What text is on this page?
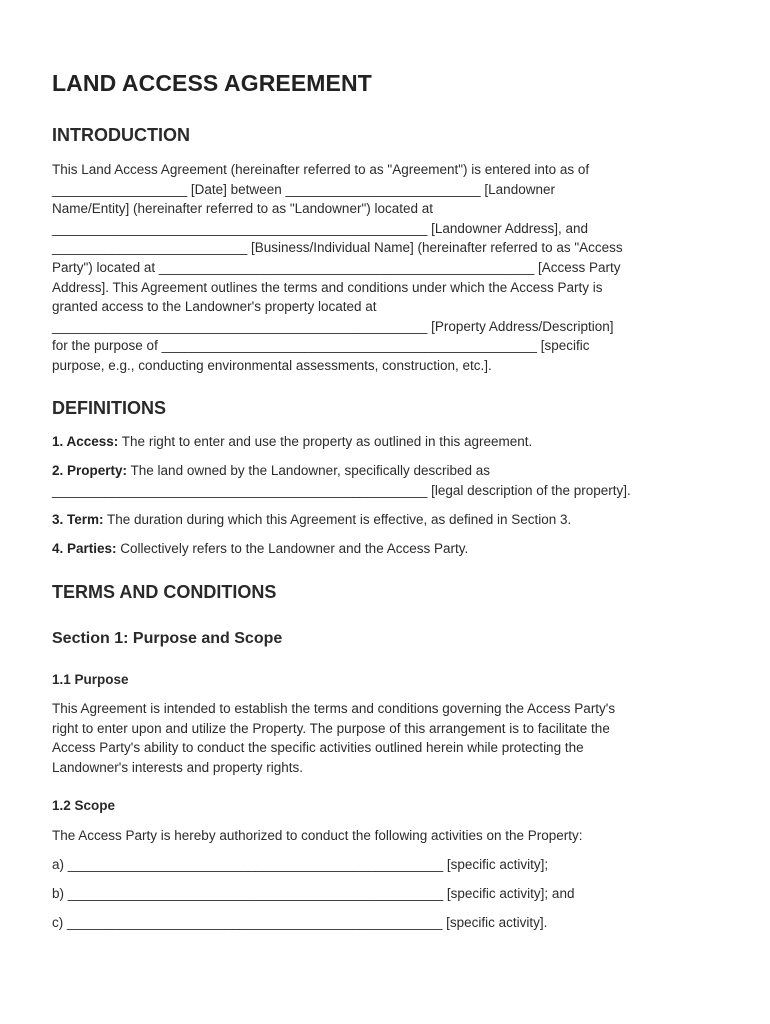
LAND ACCESS AGREEMENT
INTRODUCTION
This Land Access Agreement (hereinafter referred to as "Agreement") is entered into as of
__________________ [Date] between __________________________ [Landowner
Name/Entity] (hereinafter referred to as "Landowner") located at
__________________________________________________ [Landowner Address], and
__________________________ [Business/Individual Name] (hereinafter referred to as "Access
Party") located at __________________________________________________ [Access Party
Address]. This Agreement outlines the terms and conditions under which the Access Party is
granted access to the Landowner's property located at
__________________________________________________ [Property Address/Description]
for the purpose of __________________________________________________ [specific
purpose, e.g., conducting environmental assessments, construction, etc.].
DEFINITIONS

1. Access: The right to enter and use the property as outlined in this agreement.

2. Property: The land owned by the Landowner, specifically described as
__________________________________________________ [legal description of the property].

3. Term: The duration during which this Agreement is effective, as defined in Section 3.

4. Parties: Collectively refers to the Landowner and the Access Party.

TERMS AND CONDITIONS
Section 1: Purpose and Scope
1.1 Purpose
This Agreement is intended to establish the terms and conditions governing the Access Party's
right to enter upon and utilize the Property. The purpose of this arrangement is to facilitate the
Access Party's ability to conduct the specific activities outlined herein while protecting the
Landowner's interests and property rights.
1.2 Scope

The Access Party is hereby authorized to conduct the following activities on the Property:

a) __________________________________________________ [specific activity];

b) __________________________________________________ [specific activity]; and

c) __________________________________________________ [specific activity].
